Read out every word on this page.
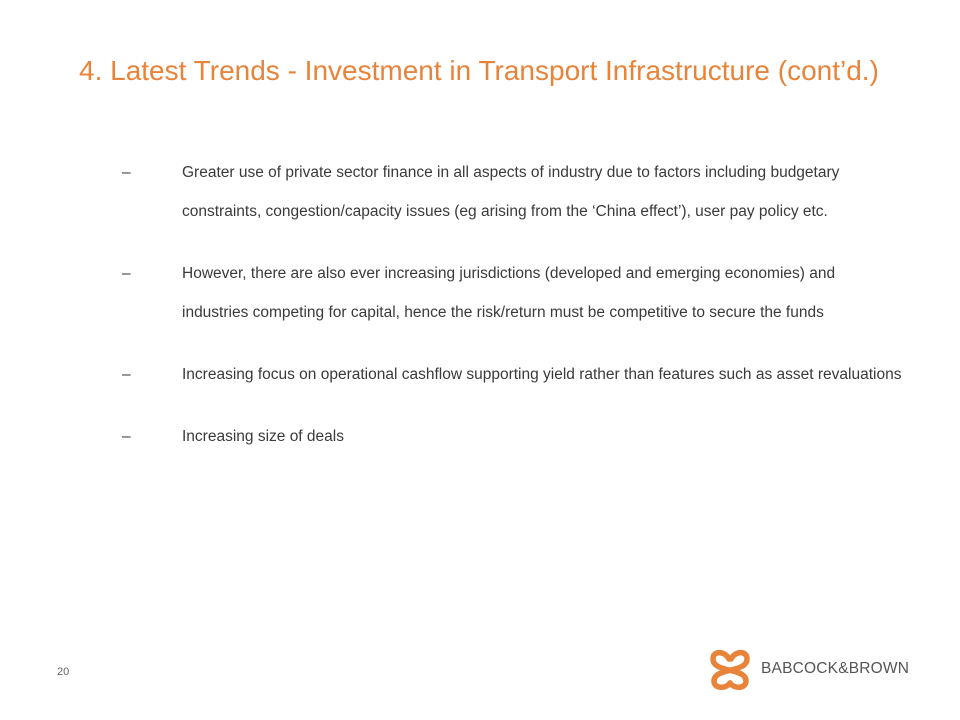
4. Latest Trends - Investment in Transport Infrastructure (cont’d.)
–	Greater use of private sector finance in all aspects of industry due to factors including budgetary constraints, congestion/capacity issues (eg arising from the ‘China effect’), user pay policy etc.
–	However, there are also ever increasing jurisdictions (developed and emerging economies) and industries competing for capital, hence the risk/return must be competitive to secure the funds
–	Increasing focus on operational cashflow supporting yield rather than features such as asset revaluations
–	Increasing size of deals
20	BABCOCK&BROWN
